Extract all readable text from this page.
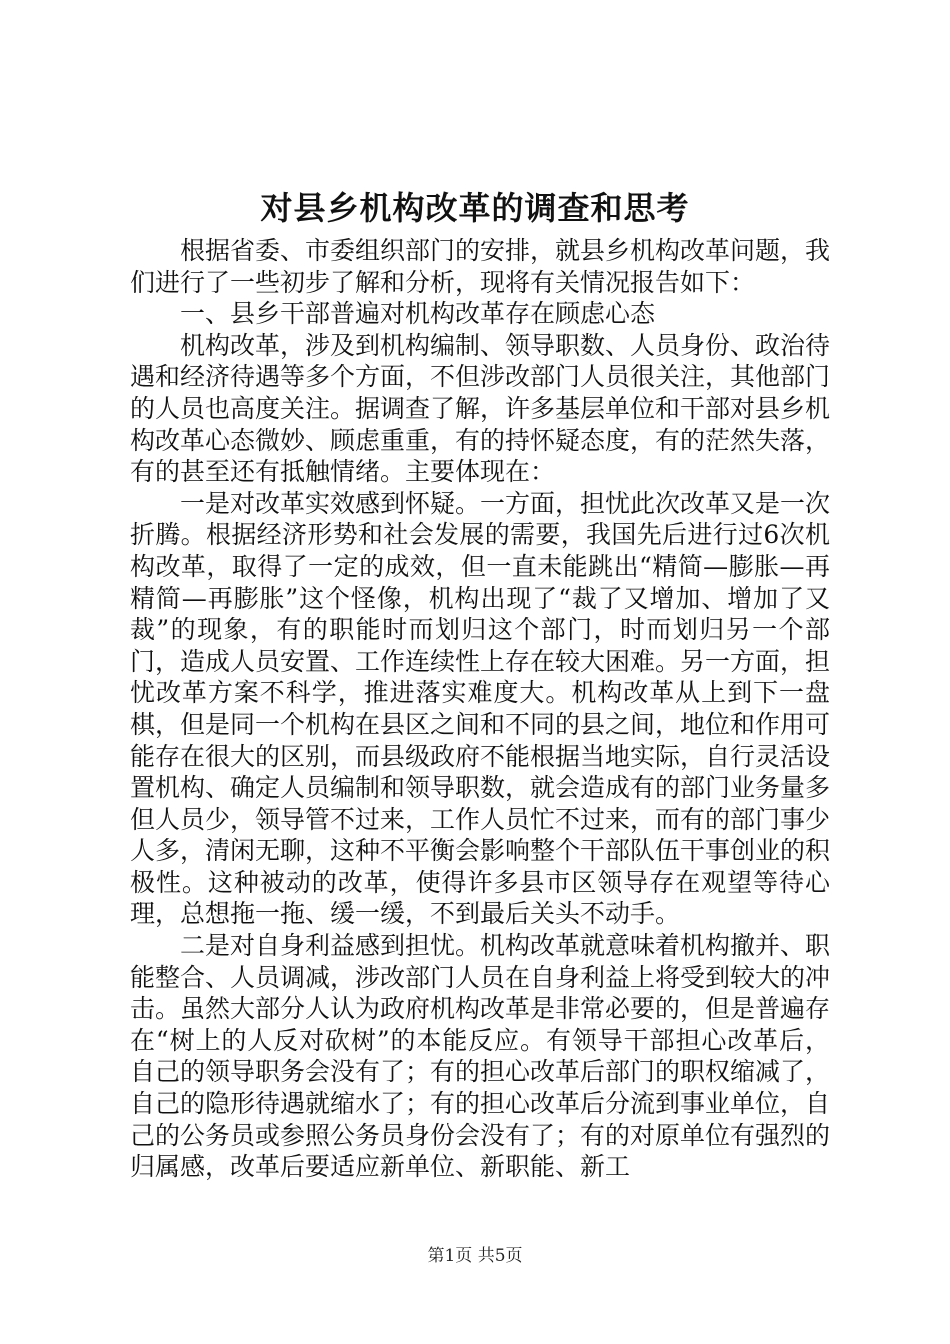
对县乡机构改革的调查和思考

根据省委、市委组织部门的安排，就县乡机构改革问题，我们进行了一些初步了解和分析，现将有关情况报告如下：

一、县乡干部普遍对机构改革存在顾虑心态

机构改革，涉及到机构编制、领导职数、人员身份、政治待遇和经济待遇等多个方面，不但涉改部门人员很关注，其他部门的人员也高度关注。据调查了解，许多基层单位和干部对县乡机构改革心态微妙、顾虑重重，有的持怀疑态度，有的茫然失落，有的甚至还有抵触情绪。主要体现在：

一是对改革实效感到怀疑。一方面，担忧此次改革又是一次折腾。根据经济形势和社会发展的需要，我国先后进行过6次机构改革，取得了一定的成效，但一直未能跳出“精简—膨胀—再精简—再膨胀”这个怪像，机构出现了“裁了又增加、增加了又裁”的现象，有的职能时而划归这个部门，时而划归另一个部门，造成人员安置、工作连续性上存在较大困难。另一方面，担忧改革方案不科学，推进落实难度大。机构改革从上到下一盘棋，但是同一个机构在县区之间和不同的县之间，地位和作用可能存在很大的区别，而县级政府不能根据当地实际，自行灵活设置机构、确定人员编制和领导职数，就会造成有的部门业务量多但人员少，领导管不过来，工作人员忙不过来，而有的部门事少人多，清闲无聊，这种不平衡会影响整个干部队伍干事创业的积极性。这种被动的改革，使得许多县市区领导存在观望等待心理，总想拖一拖、缓一缓，不到最后关头不动手。

二是对自身利益感到担忧。机构改革就意味着机构撤并、职能整合、人员调减，涉改部门人员在自身利益上将受到较大的冲击。虽然大部分人认为政府机构改革是非常必要的，但是普遍存在“树上的人反对砍树”的本能反应。有领导干部担心改革后，自己的领导职务会没有了；有的担心改革后部门的职权缩减了，自己的隐形待遇就缩水了；有的担心改革后分流到事业单位，自己的公务员或参照公务员身份会没有了；有的对原单位有强烈的归属感，改革后要适应新单位、新职能、新工

第1页 共5页
